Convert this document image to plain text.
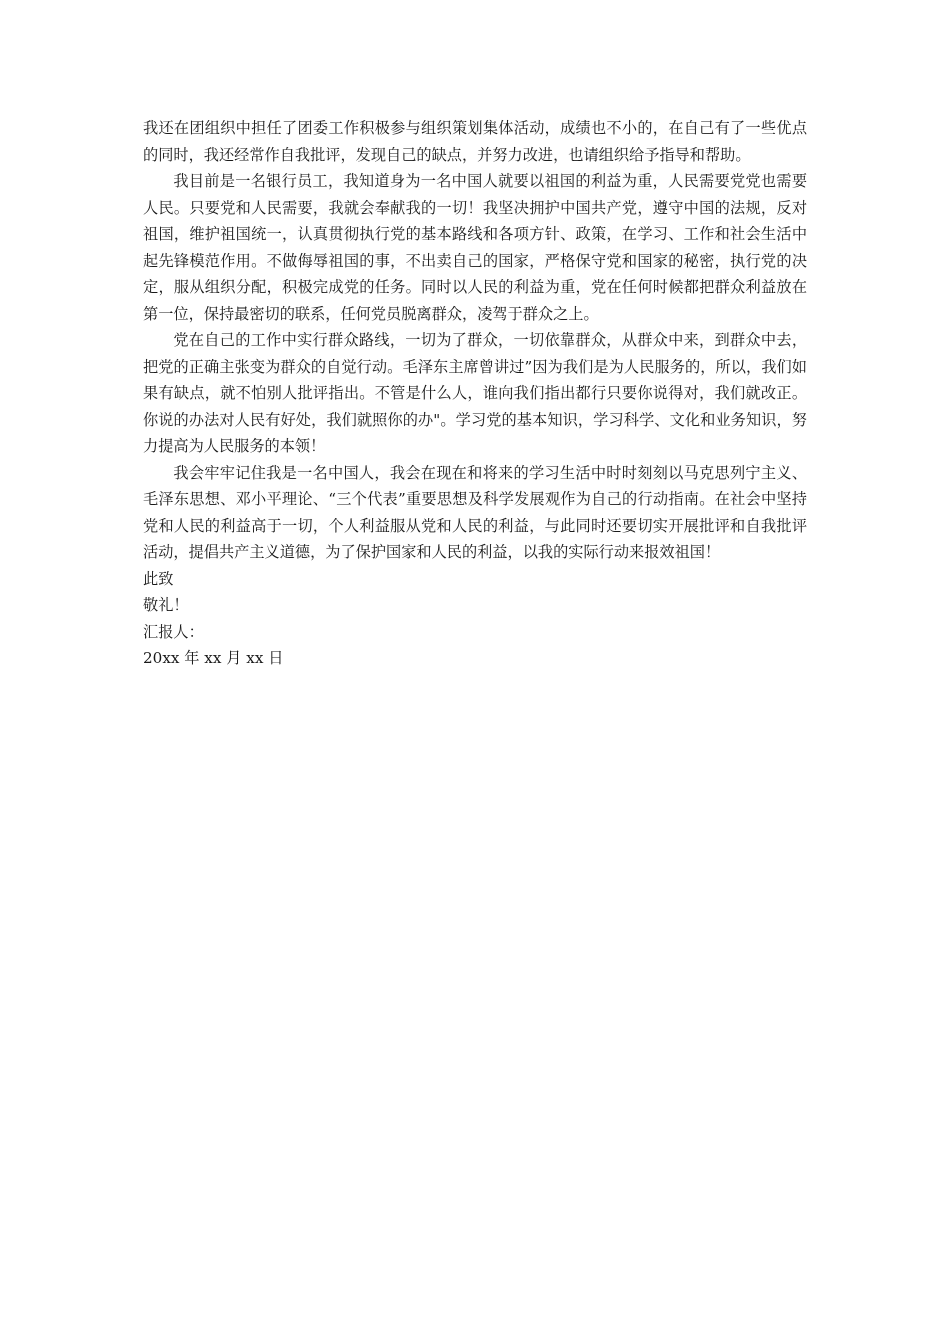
我还在团组织中担任了团委工作积极参与组织策划集体活动，成绩也不小的，在自己有了一些优点的同时，我还经常作自我批评，发现自己的缺点，并努力改进，也请组织给予指导和帮助。

我目前是一名银行员工，我知道身为一名中国人就要以祖国的利益为重，人民需要党党也需要人民。只要党和人民需要，我就会奉献我的一切！我坚决拥护中国共产党，遵守中国的法规，反对祖国，维护祖国统一，认真贯彻执行党的基本路线和各项方针、政策，在学习、工作和社会生活中起先锋模范作用。不做侮辱祖国的事，不出卖自己的国家，严格保守党和国家的秘密，执行党的决定，服从组织分配，积极完成党的任务。同时以人民的利益为重，党在任何时候都把群众利益放在第一位，保持最密切的联系，任何党员脱离群众，凌驾于群众之上。

党在自己的工作中实行群众路线，一切为了群众，一切依靠群众，从群众中来，到群众中去，把党的正确主张变为群众的自觉行动。毛泽东主席曾讲过”因为我们是为人民服务的，所以，我们如果有缺点，就不怕别人批评指出。不管是什么人，谁向我们指出都行只要你说得对，我们就改正。你说的办法对人民有好处，我们就照你的办"。学习党的基本知识，学习科学、文化和业务知识，努力提高为人民服务的本领！

我会牢牢记住我是一名中国人，我会在现在和将来的学习生活中时时刻刻以马克思列宁主义、毛泽东思想、邓小平理论、“三个代表”重要思想及科学发展观作为自己的行动指南。在社会中坚持党和人民的利益高于一切，个人利益服从党和人民的利益，与此同时还要切实开展批评和自我批评活动，提倡共产主义道德，为了保护国家和人民的利益，以我的实际行动来报效祖国！

此致

敬礼！

汇报人：

20xx 年 xx 月 xx 日
